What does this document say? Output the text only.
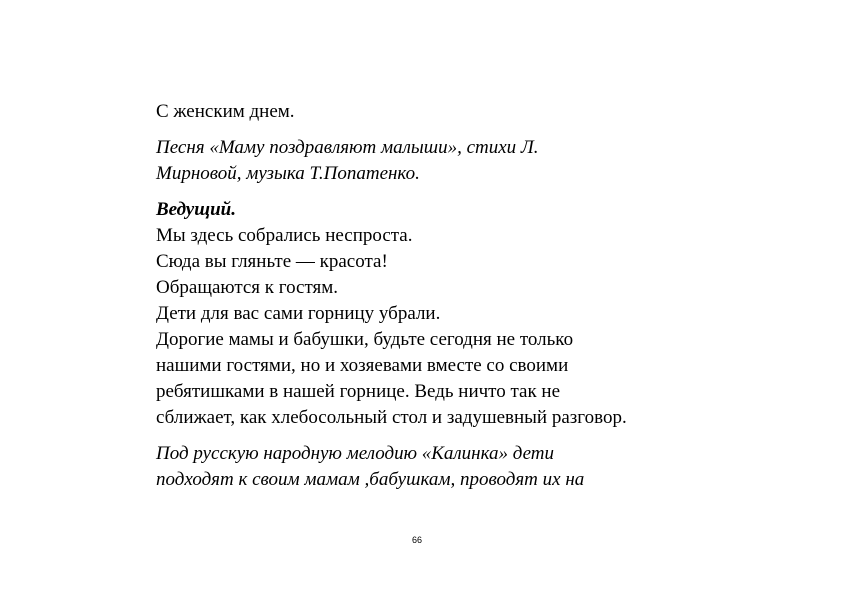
С женским днем.

Песня «Маму поздравляют малыши», стихи Л.
Мирновой, музыка Т.Попатенко.

Ведущий.
Мы здесь собрались неспроста.
Сюда вы гляньте — красота!
Обращаются к гостям.
Дети для вас сами горницу убрали.
Дорогие мамы и бабушки, будьте сегодня не только
нашими гостями, но и хозяевами вместе со своими
ребятишками в нашей горнице. Ведь ничто так не
сближает, как хлебосольный стол и задушевный разговор.

Под русскую народную мелодию «Калинка» дети
подходят к своим мамам ,бабушкам, проводят их на

66
